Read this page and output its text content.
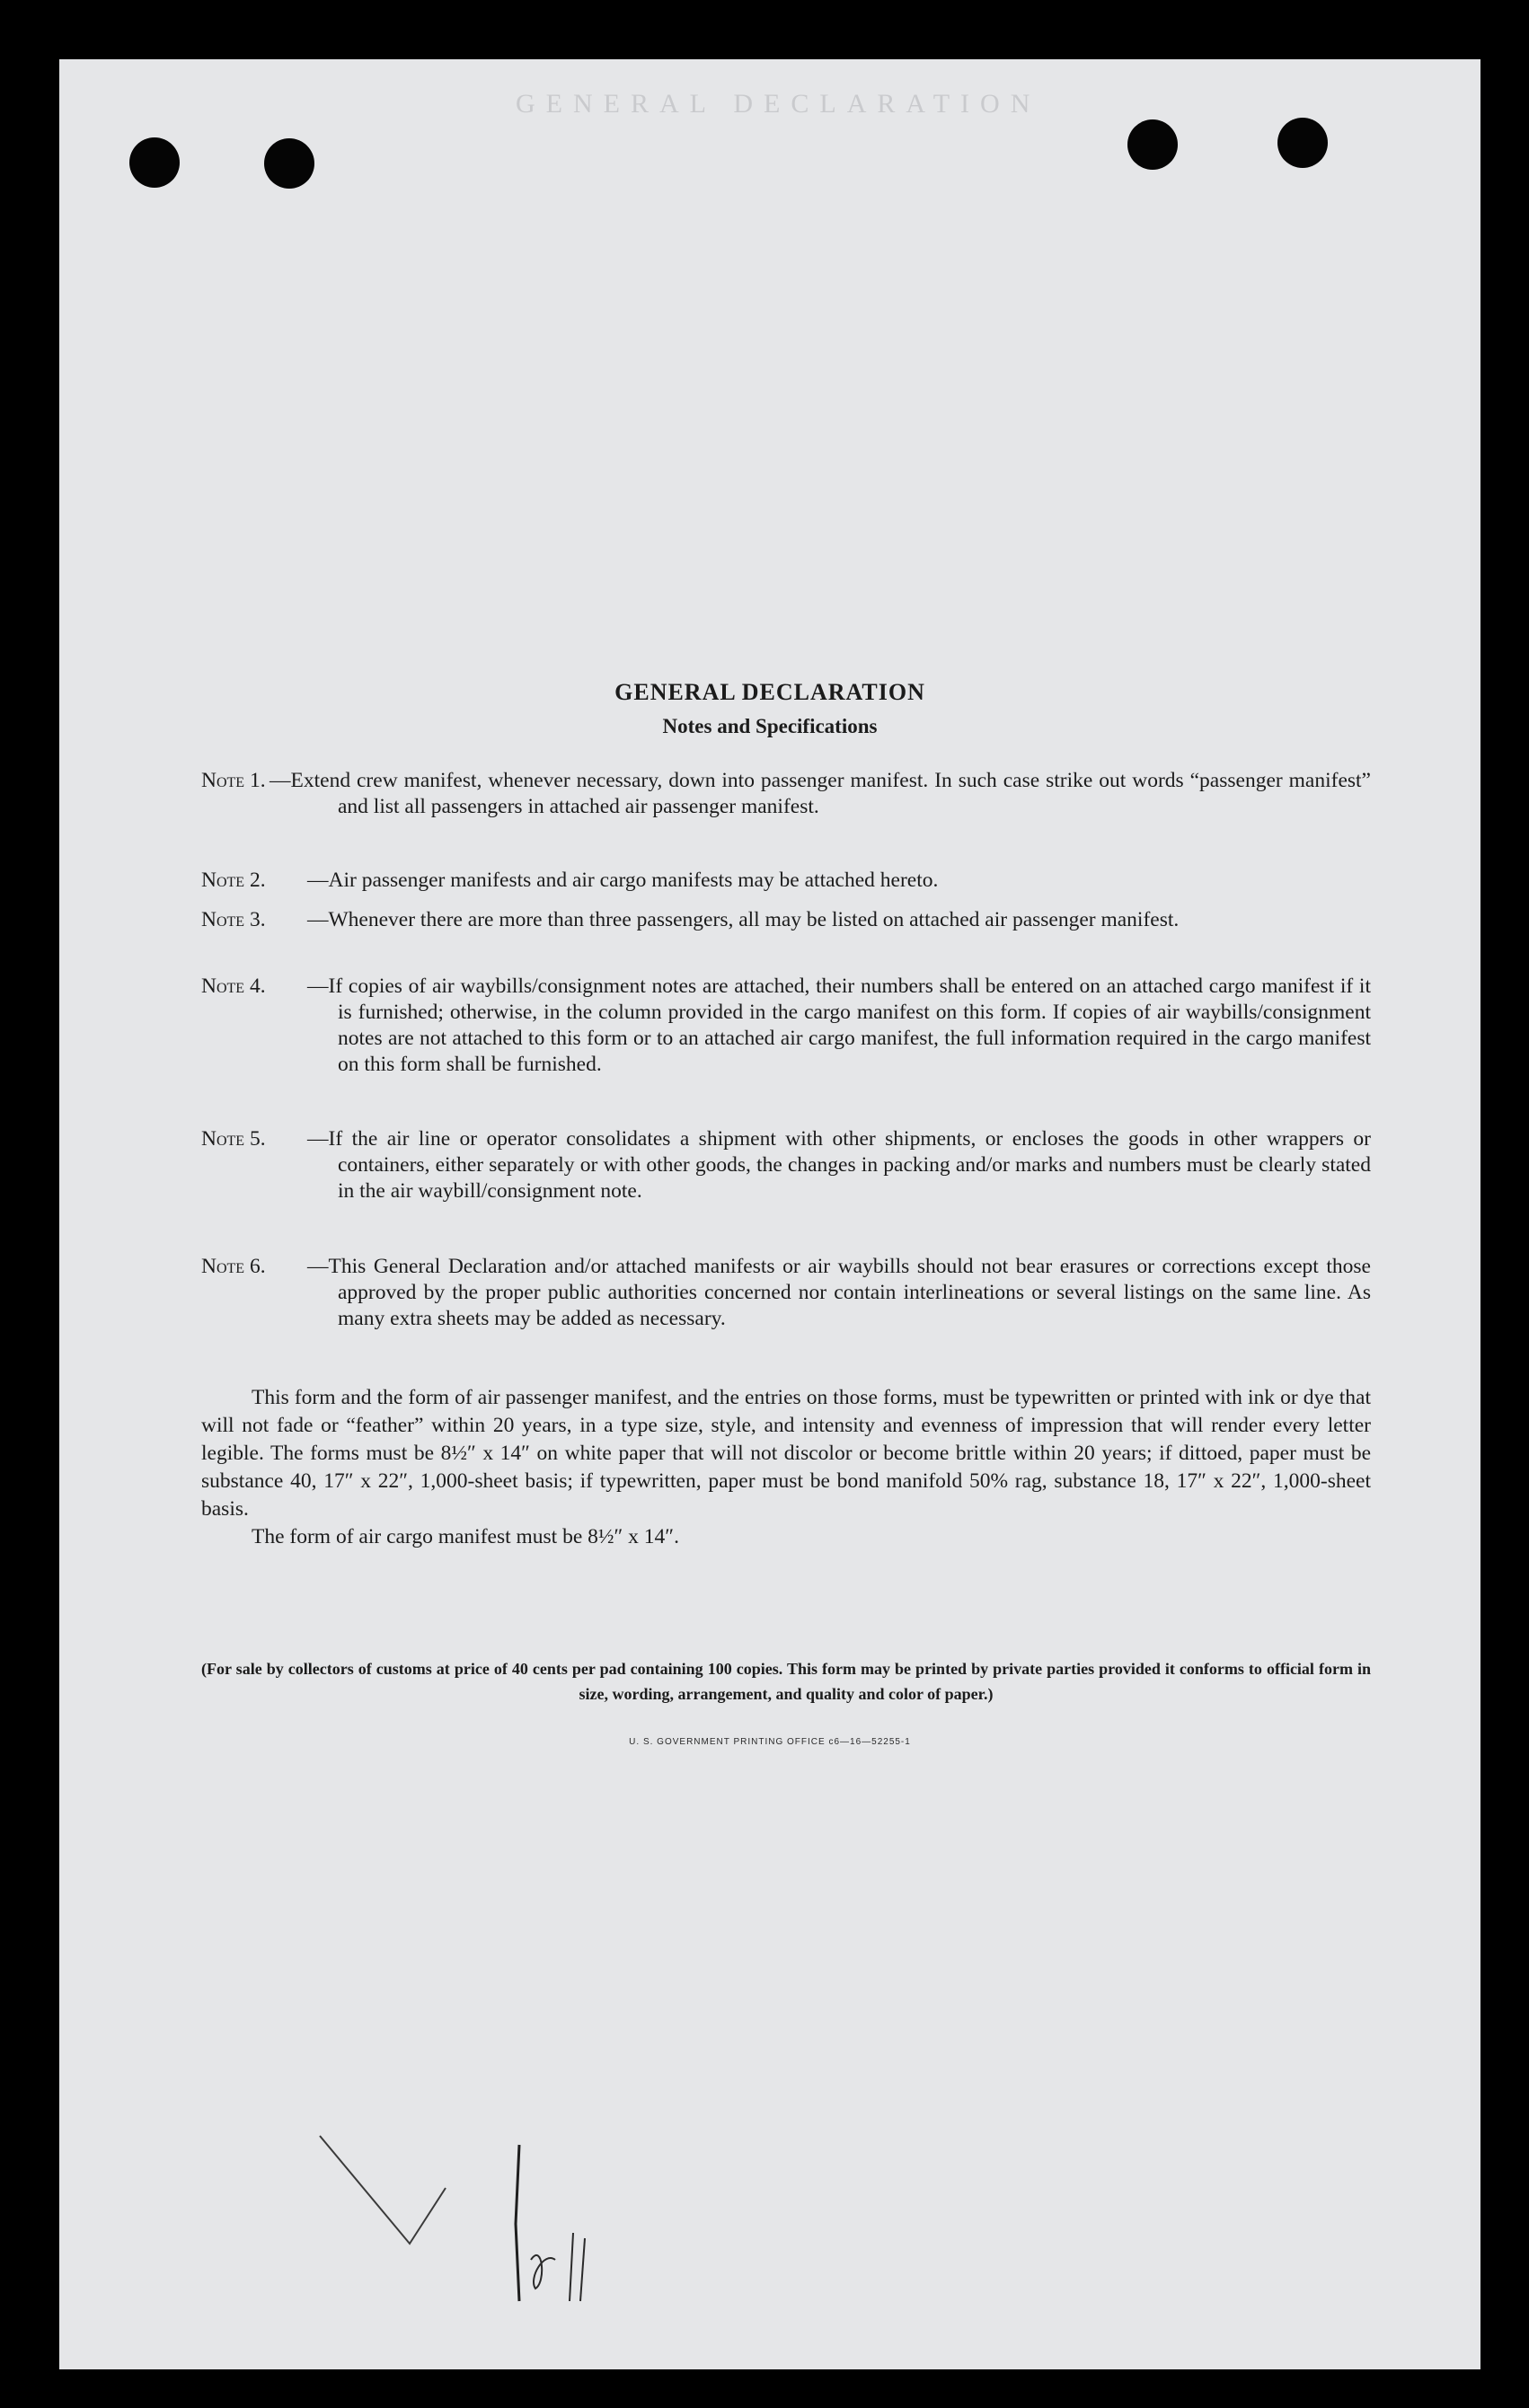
GENERAL DECLARATION
GENERAL DECLARATION
Notes and Specifications
Note 1. —Extend crew manifest, whenever necessary, down into passenger manifest. In such case strike out words “passenger manifest” and list all passengers in attached air passenger manifest.
Note 2.	—Air passenger manifests and air cargo manifests may be attached hereto.
Note 3.	—Whenever there are more than three passengers, all may be listed on attached air passenger manifest.
Note 4.	—If copies of air waybills/consignment notes are attached, their numbers shall be entered on an attached cargo manifest if it is furnished; otherwise, in the column provided in the cargo manifest on this form. If copies of air waybills/consignment notes are not attached to this form or to an attached air cargo manifest, the full information required in the cargo manifest on this form shall be furnished.
Note 5.	—If the air line or operator consolidates a shipment with other shipments, or encloses the goods in other wrappers or containers, either separately or with other goods, the changes in packing and/or marks and numbers must be clearly stated in the air waybill/consignment note.
Note 6.	—This General Declaration and/or attached manifests or air waybills should not bear erasures or corrections except those approved by the proper public authorities concerned nor contain interlineations or several listings on the same line. As many extra sheets may be added as necessary.

This form and the form of air passenger manifest, and the entries on those forms, must be typewritten or printed with ink or dye that will not fade or “feather” within 20 years, in a type size, style, and intensity and evenness of impression that will render every letter legible. The forms must be 8½″ x 14″ on white paper that will not discolor or become brittle within 20 years; if dittoed, paper must be substance 40, 17″ x 22″, 1,000-sheet basis; if typewritten, paper must be bond manifold 50% rag, substance 18, 17″ x 22″, 1,000-sheet basis.

The form of air cargo manifest must be 8½″ x 14″.

(For sale by collectors of customs at price of 40 cents per pad containing 100 copies. This form may be printed by private parties provided it conforms to official form in size, wording, arrangement, and quality and color of paper.)
U. S. GOVERNMENT PRINTING OFFICE c6—16—52255-1
